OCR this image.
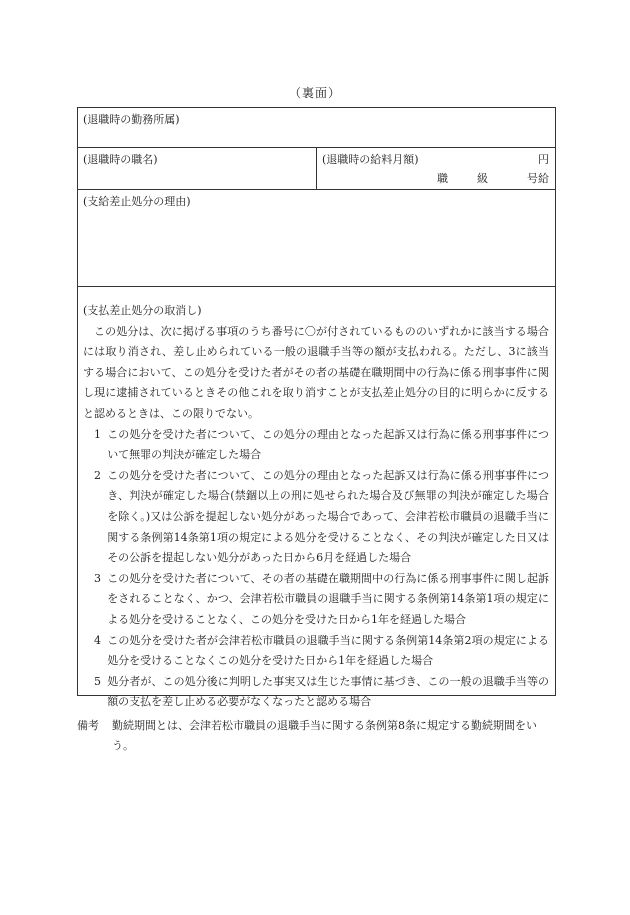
（裏面）
(退職時の勤務所属)
(退職時の職名)	(退職時の給料月額)	円
職	級	号給
(支給差止処分の理由)
(支払差止処分の取消し)

この処分は、次に掲げる事項のうち番号に〇が付されているもののいずれかに該当する場合には取り消され、差し止められている一般の退職手当等の額が支払われる。ただし、3に該当する場合において、この処分を受けた者がその者の基礎在職期間中の行為に係る刑事事件に関し現に逮捕されているときその他これを取り消すことが支払差止処分の目的に明らかに反すると認めるときは、この限りでない。

1 この処分を受けた者について、この処分の理由となった起訴又は行為に係る刑事事件について無罪の判決が確定した場合

2 この処分を受けた者について、この処分の理由となった起訴又は行為に係る刑事事件につき、判決が確定した場合(禁錮以上の刑に処せられた場合及び無罪の判決が確定した場合を除く。)又は公訴を提起しない処分があった場合であって、会津若松市職員の退職手当に関する条例第14条第1項の規定による処分を受けることなく、その判決が確定した日又はその公訴を提起しない処分があった日から6月を経過した場合

3 この処分を受けた者について、その者の基礎在職期間中の行為に係る刑事事件に関し起訴をされることなく、かつ、会津若松市職員の退職手当に関する条例第14条第1項の規定による処分を受けることなく、この処分を受けた日から1年を経過した場合

4 この処分を受けた者が会津若松市職員の退職手当に関する条例第14条第2項の規定による処分を受けることなくこの処分を受けた日から1年を経過した場合

5 処分者が、この処分後に判明した事実又は生じた事情に基づき、この一般の退職手当等の額の支払を差し止める必要がなくなったと認める場合

備考 勤続期間とは、会津若松市職員の退職手当に関する条例第8条に規定する勤続期間をいう。
